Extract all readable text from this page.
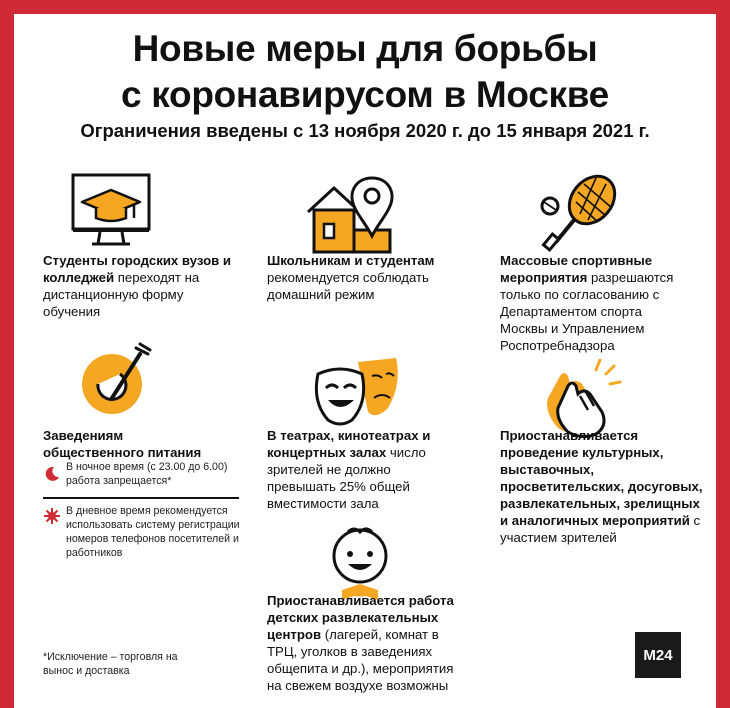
Новые меры для борьбы
с коронавирусом в Москве
Ограничения введены с 13 ноября 2020 г. до 15 января 2021 г.
Студенты городских вузов и колледжей переходят на дистанционную форму обучения
Школьникам и студентам рекомендуется соблюдать домашний режим
Массовые спортивные мероприятия разрешаются только по согласованию с Департаментом спорта Москвы и Управлением Роспотребнадзора
Заведениям общественного питания
В ночное время (с 23.00 до 6.00) работа запрещается*
В дневное время рекомендуется использовать систему регистрации номеров телефонов посетителей и работников
В театрах, кинотеатрах и концертных залах число зрителей не должно превышать 25% общей вместимости зала
Приостанавливается проведение культурных, выставочных, просветительских, досуговых, развлекательных, зрелищных и аналогичных мероприятий с участием зрителей
Приостанавливается работа детских развлекательных центров (лагерей, комнат в ТРЦ, уголков в заведениях общепита и др.), мероприятия на свежем воздухе возможны
*Исключение – торговля на вынос и доставка
М24
